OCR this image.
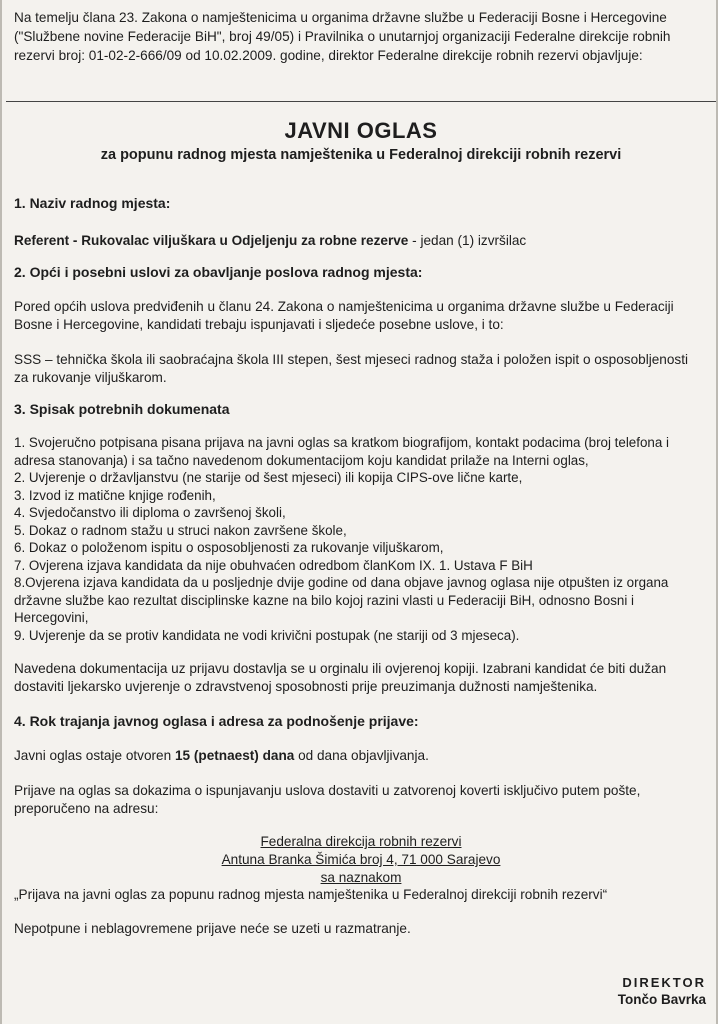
Na temelju člana 23. Zakona o namještenicima u organima državne službe u Federaciji Bosne i Hercegovine ("Službene novine Federacije BiH", broj 49/05) i Pravilnika o unutarnjoj organizaciji Federalne direkcije robnih rezervi broj: 01-02-2-666/09 od 10.02.2009. godine, direktor Federalne direkcije robnih rezervi objavljuje:

JAVNI OGLAS
za popunu radnog mjesta namještenika u Federalnoj direkciji robnih rezervi
1. Naziv radnog mjesta:

Referent - Rukovalac viljuškara u Odjeljenju za robne rezerve - jedan (1) izvršilac

2. Opći i posebni uslovi za obavljanje poslova radnog mjesta:

Pored općih uslova predviđenih u članu 24. Zakona o namještenicima u organima državne službe u Federaciji Bosne i Hercegovine, kandidati trebaju ispunjavati i sljedeće posebne uslove, i to:

SSS – tehnička škola ili saobraćajna škola III stepen, šest mjeseci radnog staža i položen ispit o osposobljenosti za rukovanje viljuškarom.

3. Spisak potrebnih dokumenata
1. Svojeručno potpisana pisana prijava na javni oglas sa kratkom biografijom, kontakt podacima (broj telefona i adresa stanovanja) i sa tačno navedenom dokumentacijom koju kandidat prilaže na Interni oglas,
2. Uvjerenje o državljanstvu (ne starije od šest mjeseci) ili kopija CIPS-ove lične karte,
3. Izvod iz matične knjige rođenih,
4. Svjedočanstvo ili diploma o završenoj školi,
5. Dokaz o radnom stažu u struci nakon završene škole,
6. Dokaz o položenom ispitu o osposobljenosti za rukovanje viljuškarom,
7. Ovjerena izjava kandidata da nije obuhvaćen odredbom članKom IX. 1. Ustava F BiH
8.Ovjerena izjava kandidata da u posljednje dvije godine od dana objave javnog oglasa nije otpušten iz organa državne službe kao rezultat disciplinske kazne na bilo kojoj razini vlasti u Federaciji BiH, odnosno Bosni i Hercegovini,
9. Uvjerenje da se protiv kandidata ne vodi krivični postupak (ne stariji od 3 mjeseca).

Navedena dokumentacija uz prijavu dostavlja se u orginalu ili ovjerenoj kopiji. Izabrani kandidat će biti dužan dostaviti ljekarsko uvjerenje o zdravstvenoj sposobnosti prije preuzimanja dužnosti namještenika.

4. Rok trajanja javnog oglasa i adresa za podnošenje prijave:

Javni oglas ostaje otvoren 15 (petnaest) dana od dana objavljivanja.

Prijave na oglas sa dokazima o ispunjavanju uslova dostaviti u zatvorenoj koverti isključivo putem pošte, preporučeno na adresu:

Federalna direkcija robnih rezervi

Antuna Branka Šimića broj 4, 71 000 Sarajevo

sa naznakom

„Prijava na javni oglas za popunu radnog mjesta namještenika u Federalnoj direkciji robnih rezervi“

Nepotpune i neblagovremene prijave neće se uzeti u razmatranje.

DIREKTOR

Tončo Bavrka
